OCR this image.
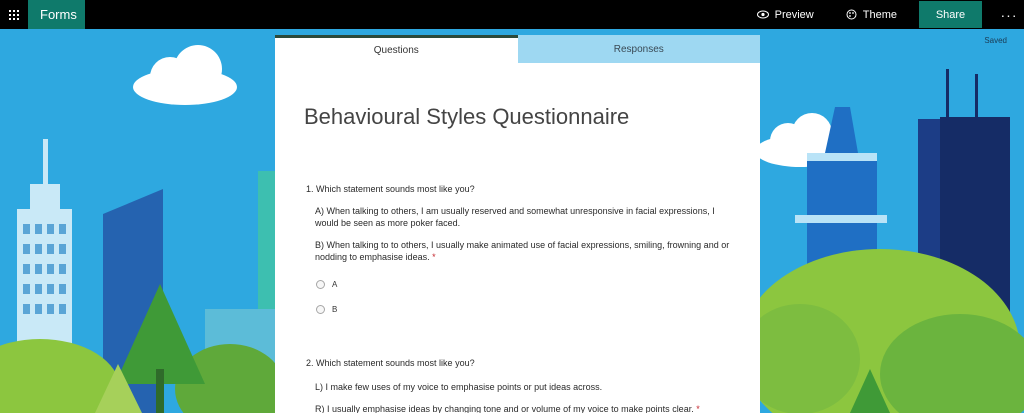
Saved
Forms	Preview	Theme	Share	···
Questions	Responses
Behavioural Styles Questionnaire
1. Which statement sounds most like you?
A) When talking to others, I am usually reserved and somewhat unresponsive in facial expressions, I would be seen as more poker faced.
B) When talking to to others, I usually make animated use of facial expressions, smiling, frowning and or nodding to emphasise ideas. *
A
B
2. Which statement sounds most like you?
L) I make few uses of my voice to emphasise points or put ideas across.
R) I usually emphasise ideas by changing tone and or volume of my voice to make points clear. *
